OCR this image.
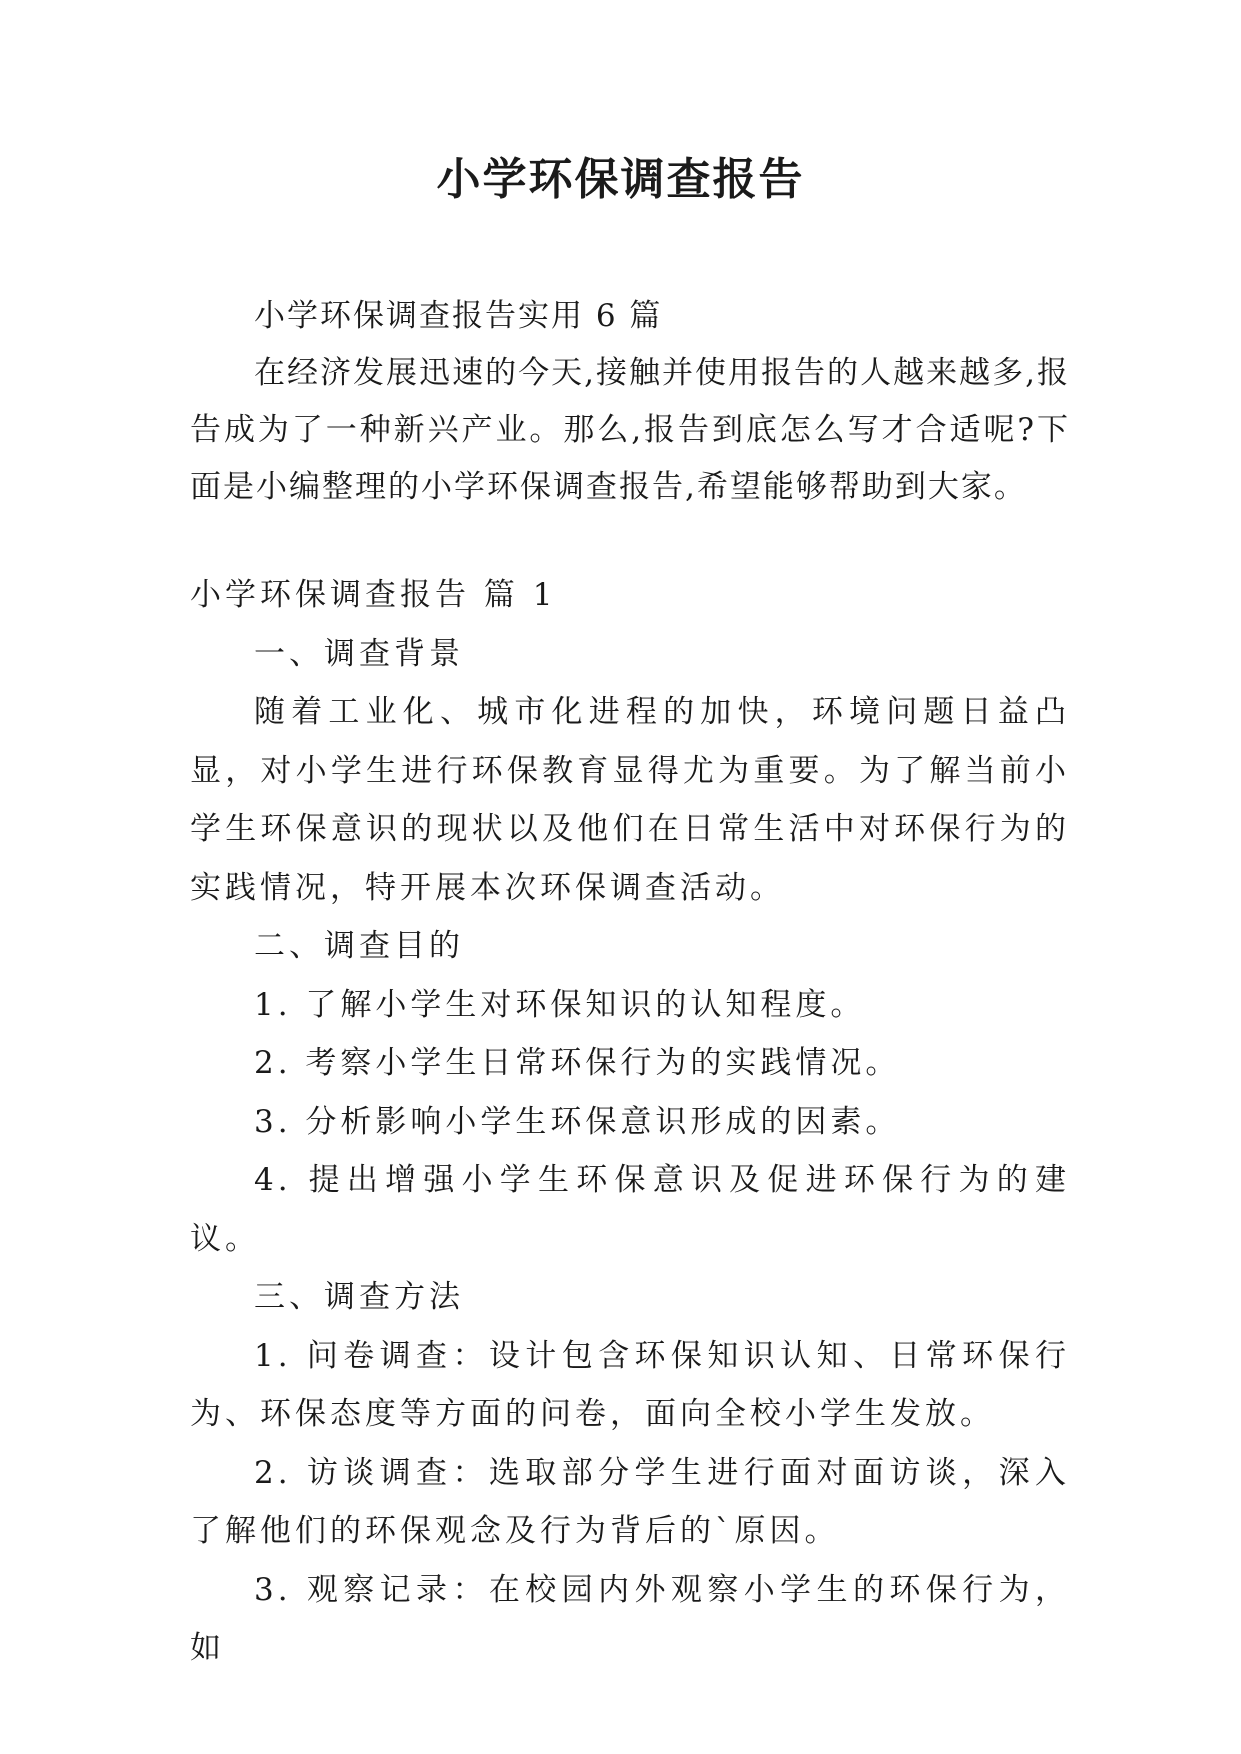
小学环保调查报告

小学环保调查报告实用 6 篇

在经济发展迅速的今天,接触并使用报告的人越来越多,报告成为了一种新兴产业。那么,报告到底怎么写才合适呢?下面是小编整理的小学环保调查报告,希望能够帮助到大家。

小学环保调查报告 篇 1

一、调查背景

随着工业化、城市化进程的加快，环境问题日益凸显，对小学生进行环保教育显得尤为重要。为了解当前小学生环保意识的现状以及他们在日常生活中对环保行为的实践情况，特开展本次环保调查活动。

二、调查目的

1. 了解小学生对环保知识的认知程度。

2. 考察小学生日常环保行为的实践情况。

3. 分析影响小学生环保意识形成的因素。

4. 提出增强小学生环保意识及促进环保行为的建议。

三、调查方法

1. 问卷调查：设计包含环保知识认知、日常环保行为、环保态度等方面的问卷，面向全校小学生发放。

2. 访谈调查：选取部分学生进行面对面访谈，深入了解他们的环保观念及行为背后的`原因。

3. 观察记录：在校园内外观察小学生的环保行为，如
